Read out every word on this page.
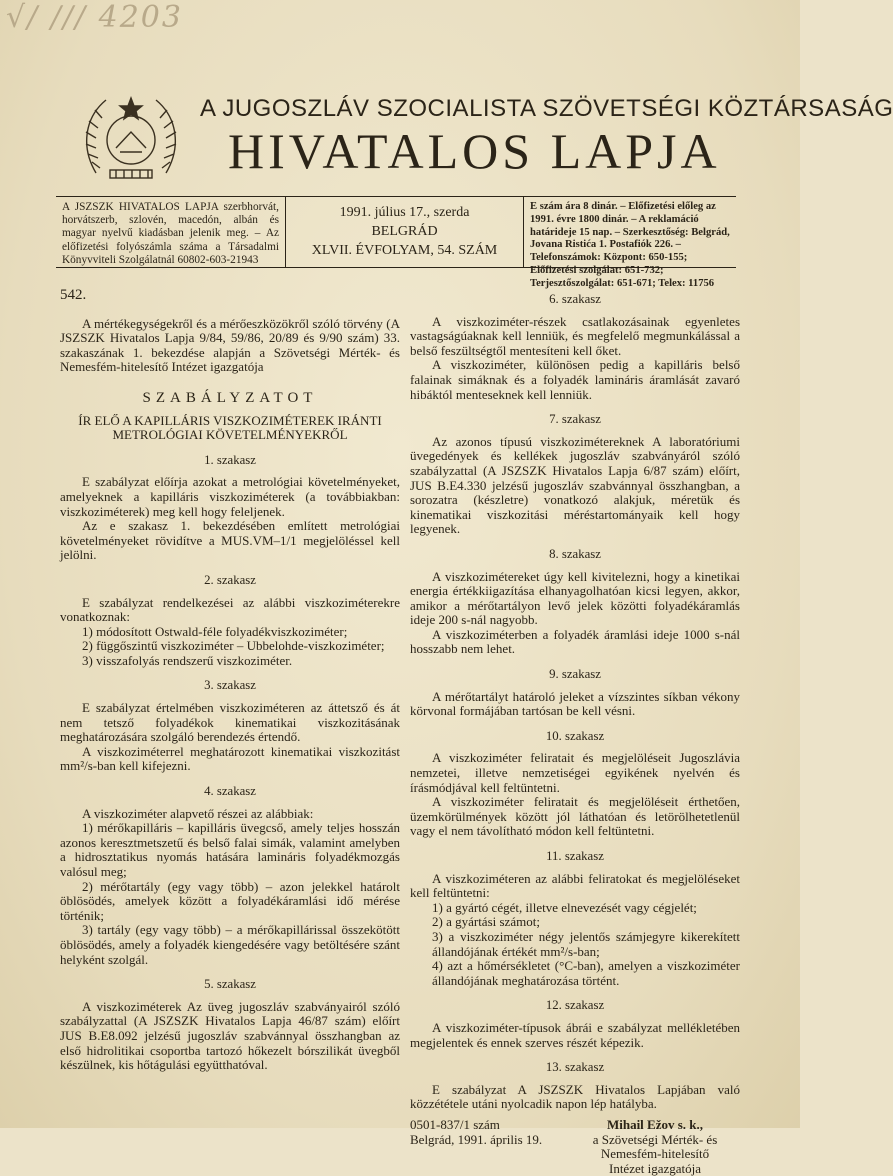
√/ /// 4203
A JUGOSZLÁV SZOCIALISTA SZÖVETSÉGI KÖZTÁRSASÁG
HIVATALOS LAPJA
A JSZSZK HIVATALOS LAPJA szerbhorvát, horvátszerb, szlovén, macedón, albán és magyar nyelvű kiadásban jelenik meg. – Az előfizetési folyószámla száma a Társadalmi Könyvviteli Szolgálatnál 60802-603-21943
1991. július 17., szerda
BELGRÁD
XLVII. ÉVFOLYAM, 54. SZÁM
E szám ára 8 dinár. – Előfizetési előleg az 1991. évre 1800 dinár. – A reklamáció határideje 15 nap. – Szerkesztőség: Belgrád, Jovana Ristića 1. Postafiók 226. – Telefonszámok: Központ: 650-155; Előfizetési szolgálat: 651-732; Terjesztőszolgálat: 651-671; Telex: 11756
542.

A mértékegységekről és a mérőeszközökről szóló törvény (A JSZSZK Hivatalos Lapja 9/84, 59/86, 20/89 és 9/90 szám) 33. szakaszának 1. bekezdése alapján a Szövetségi Mérték- és Nemesfém-hitelesítő Intézet igazgatója

SZABÁLYZATOT
ÍR ELŐ A KAPILLÁRIS VISZKOZIMÉTEREK IRÁNTI METROLÓGIAI KÖVETELMÉNYEKRŐL
1. szakasz

E szabályzat előírja azokat a metrológiai követelményeket, amelyeknek a kapilláris viszkoziméterek (a továbbiakban: viszkoziméterek) meg kell hogy feleljenek.

Az e szakasz 1. bekezdésében említett metrológiai követelményeket rövidítve a MUS.VM–1/1 megjelöléssel kell jelölni.

2. szakasz

E szabályzat rendelkezései az alábbi viszkoziméterekre vonatkoznak:

1) módosított Ostwald-féle folyadékviszkoziméter;

2) függőszintű viszkoziméter – Ubbelohde-viszkoziméter;

3) visszafolyás rendszerű viszkoziméter.

3. szakasz

E szabályzat értelmében viszkoziméteren az áttetsző és át nem tetsző folyadékok kinematikai viszkozitásának meghatározására szolgáló berendezés értendő.

A viszkoziméterrel meghatározott kinematikai viszkozitást mm²/s-ban kell kifejezni.

4. szakasz

A viszkoziméter alapvető részei az alábbiak:

1) mérőkapilláris – kapilláris üvegcső, amely teljes hosszán azonos keresztmetszetű és belső falai simák, valamint amelyben a hidrosztatikus nyomás hatására lamináris folyadékmozgás valósul meg;

2) mérőtartály (egy vagy több) – azon jelekkel határolt öblösödés, amelyek között a folyadékáramlási idő mérése történik;

3) tartály (egy vagy több) – a mérőkapillárissal összekötött öblösödés, amely a folyadék kiengedésére vagy betöltésére szánt helyként szolgál.

5. szakasz

A viszkoziméterek Az üveg jugoszláv szabványairól szóló szabályzattal (A JSZSZK Hivatalos Lapja 46/87 szám) előírt JUS B.E8.092 jelzésű jugoszláv szabvánnyal összhangban az első hidrolitikai csoportba tartozó hőkezelt bórszilikát üvegből készülnek, kis hőtágulási együtthatóval.

6. szakasz

A viszkoziméter-részek csatlakozásainak egyenletes vastagságúaknak kell lenniük, és megfelelő megmunkálással a belső feszültségtől mentesíteni kell őket.

A viszkoziméter, különösen pedig a kapilláris belső falainak simáknak és a folyadék lamináris áramlását zavaró hibáktól menteseknek kell lenniük.

7. szakasz

Az azonos típusú viszkozimétereknek A laboratóriumi üvegedények és kellékek jugoszláv szabványáról szóló szabályzattal (A JSZSZK Hivatalos Lapja 6/87 szám) előírt, JUS B.E4.330 jelzésű jugoszláv szabvánnyal összhangban, a sorozatra (készletre) vonatkozó alakjuk, méretük és kinematikai viszkozitási méréstartományaik kell hogy legyenek.

8. szakasz

A viszkozimétereket úgy kell kivitelezni, hogy a kinetikai energia értékkiigazítása elhanyagolhatóan kicsi legyen, akkor, amikor a mérőtartályon levő jelek közötti folyadékáramlás ideje 200 s-nál nagyobb.

A viszkoziméterben a folyadék áramlási ideje 1000 s-nál hosszabb nem lehet.

9. szakasz

A mérőtartályt határoló jeleket a vízszintes síkban vékony körvonal formájában tartósan be kell vésni.

10. szakasz

A viszkoziméter feliratait és megjelöléseit Jugoszlávia nemzetei, illetve nemzetiségei egyikének nyelvén és írásmódjával kell feltüntetni.

A viszkoziméter feliratait és megjelöléseit érthetően, üzemkörülmények között jól láthatóan és letörölhetetlenül vagy el nem távolítható módon kell feltüntetni.

11. szakasz

A viszkoziméteren az alábbi feliratokat és megjelöléseket kell feltüntetni:

1) a gyártó cégét, illetve elnevezését vagy cégjelét;

2) a gyártási számot;

3) a viszkoziméter négy jelentős számjegyre kikerekített állandójának értékét mm²/s-ban;

4) azt a hőmérsékletet (°C-ban), amelyen a viszkoziméter állandójának meghatározása történt.

12. szakasz

A viszkoziméter-típusok ábrái e szabályzat mellékletében megjelentek és ennek szerves részét képezik.

13. szakasz

E szabályzat A JSZSZK Hivatalos Lapjában való közzététele utáni nyolcadik napon lép hatályba.

0501-837/1 szám
Belgrád, 1991. április 19.
Mihail Ežov s. k.,
a Szövetségi Mérték- és
Nemesfém-hitelesítő
Intézet igazgatója
